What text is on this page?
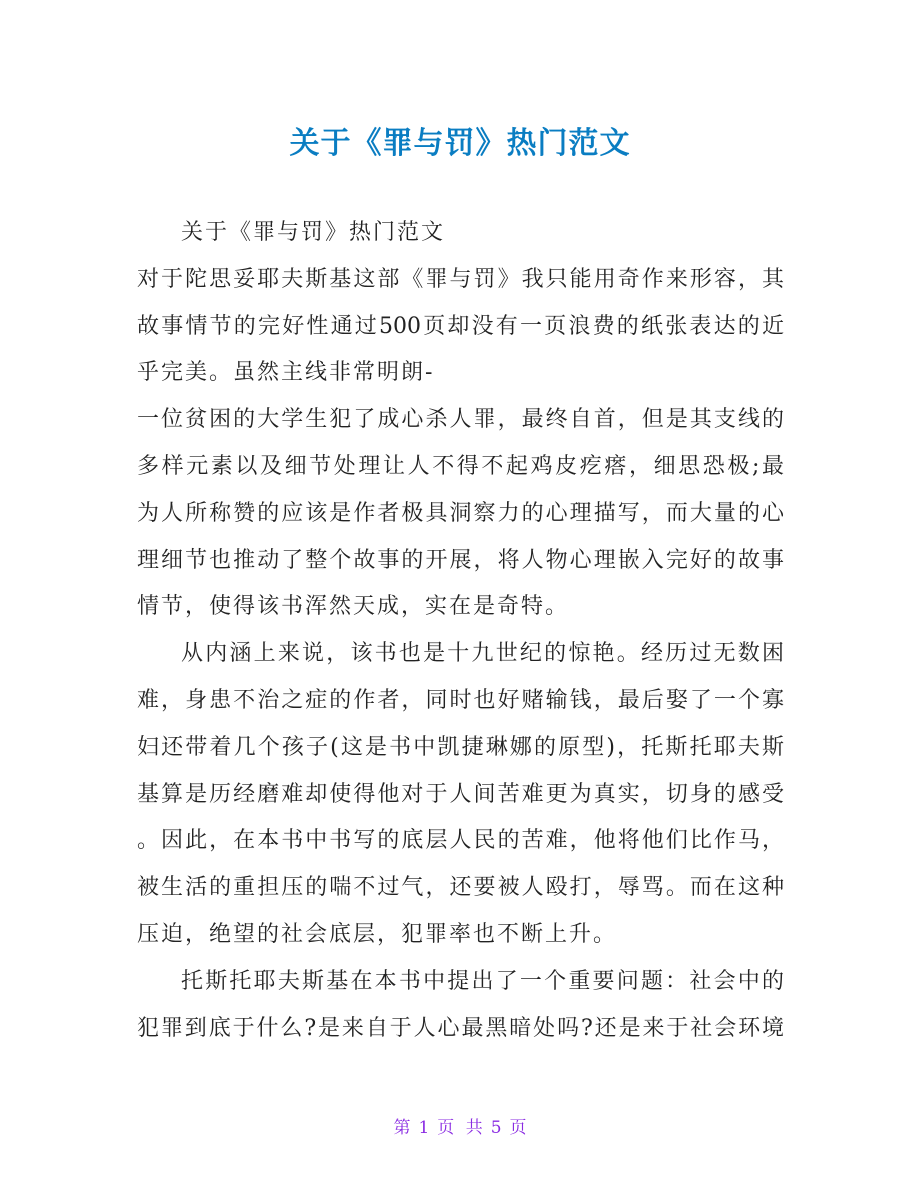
关于《罪与罚》热门范文
关于《罪与罚》热门范文
对于陀思妥耶夫斯基这部《罪与罚》我只能用奇作来形容，其
故事情节的完好性通过500页却没有一页浪费的纸张表达的近
乎完美。虽然主线非常明朗-
一位贫困的大学生犯了成心杀人罪，最终自首，但是其支线的
多样元素以及细节处理让人不得不起鸡皮疙瘩，细思恐极;最
为人所称赞的应该是作者极具洞察力的心理描写，而大量的心
理细节也推动了整个故事的开展，将人物心理嵌入完好的故事
情节，使得该书浑然天成，实在是奇特。
从内涵上来说，该书也是十九世纪的惊艳。经历过无数困
难，身患不治之症的作者，同时也好赌输钱，最后娶了一个寡
妇还带着几个孩子(这是书中凯捷琳娜的原型)，托斯托耶夫斯
基算是历经磨难却使得他对于人间苦难更为真实，切身的感受
。因此，在本书中书写的底层人民的苦难，他将他们比作马，
被生活的重担压的喘不过气，还要被人殴打，辱骂。而在这种
压迫，绝望的社会底层，犯罪率也不断上升。
托斯托耶夫斯基在本书中提出了一个重要问题：社会中的
犯罪到底于什么?是来自于人心最黑暗处吗?还是来于社会环境
第 1 页 共 5 页
